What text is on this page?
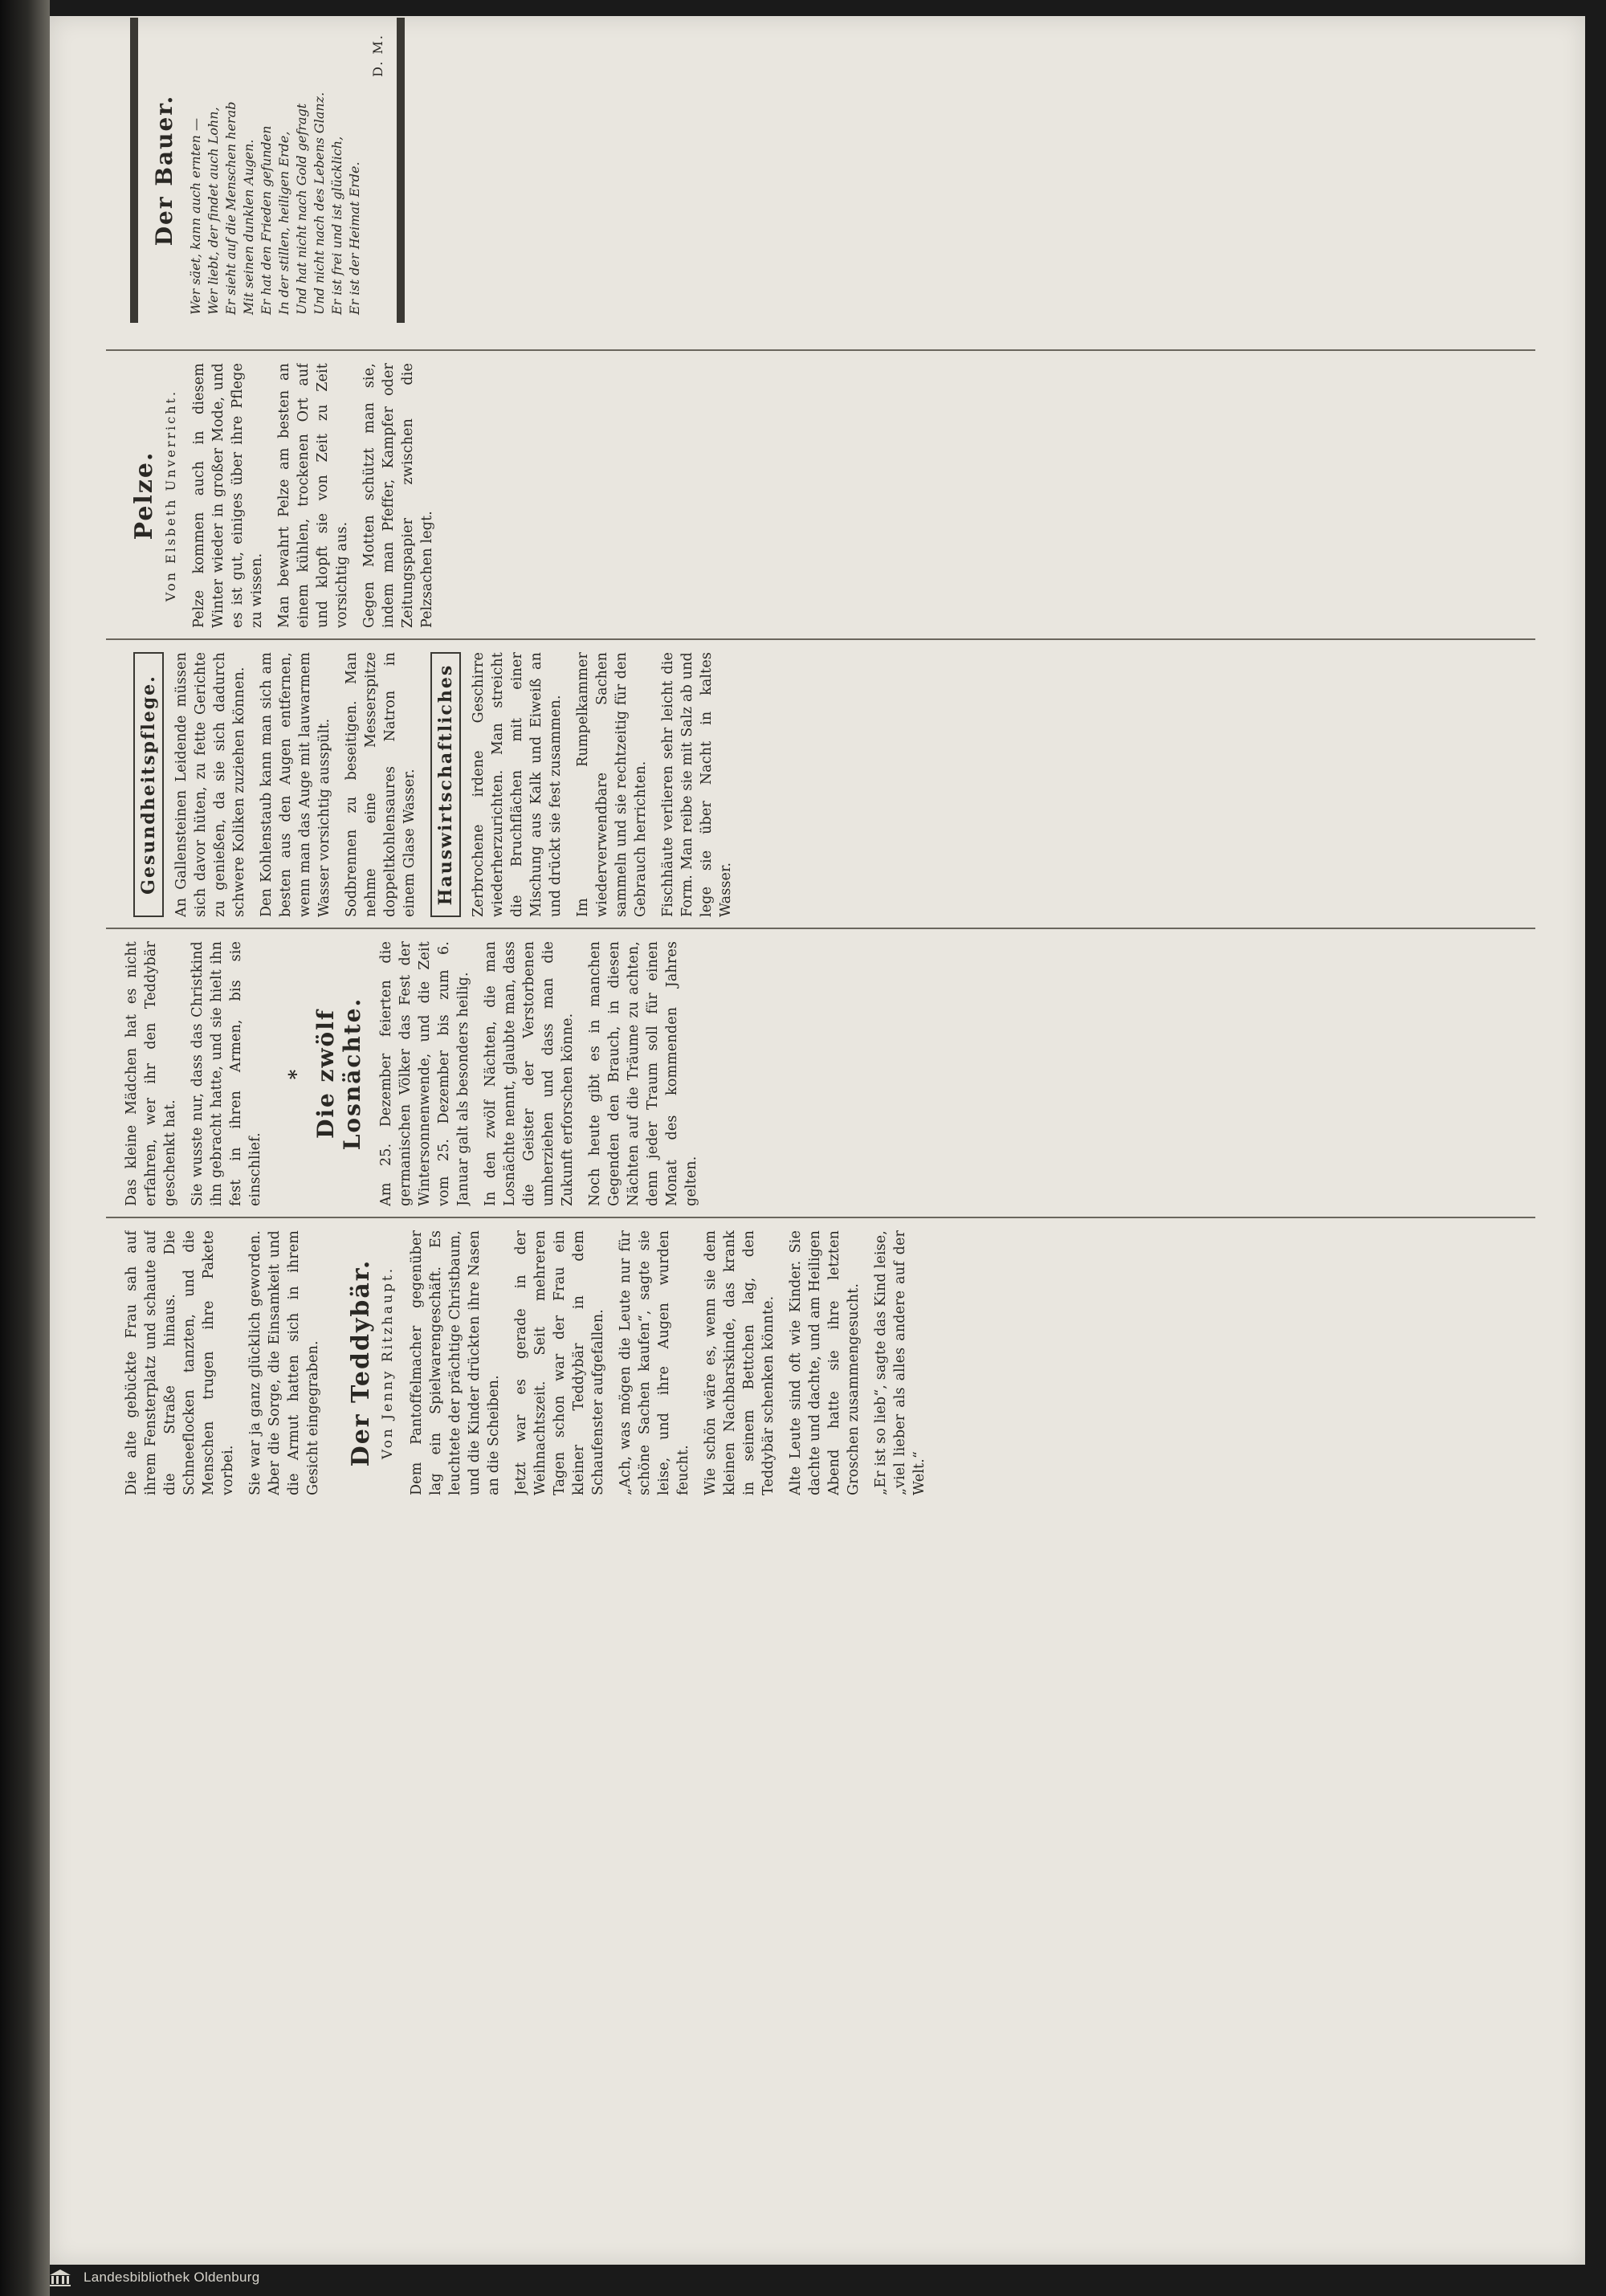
Die alte gebückte Frau sah auf ihrem Fensterplatz und schaute auf die Straße hinaus. Die Schneeflocken tanzten, und die Menschen trugen ihre Pakete vorbei. Sie war ja ganz glücklich geworden. Aber die Sorge, die Einsamkeit und die Armut hatten sich in ihrem Gesicht eingegraben. Der Teddybär. Von Jenny Ritzhaupt. Dem Pantoffelmacher gegenüber lag ein Spielwarengeschäft. Es leuchtete der prächtige Christbaum, und die Kinder drückten ihre Nasen an die Scheiben. Jetzt war es gerade in der Weihnachtszeit. Seit mehreren Tagen schon war der Frau ein kleiner Teddybär in dem Schaufenster aufgefallen. „Ach, was mögen die Leute nur für schöne Sachen kaufen“, sagte sie leise, und ihre Augen wurden feucht. Wie schön wäre es, wenn sie dem kleinen Nachbarskinde, das krank in seinem Bettchen lag, den Teddybär schenken könnte. Alte Leute sind oft wie Kinder. Sie dachte und dachte, und am Heiligen Abend hatte sie ihre letzten Groschen zusammengesucht. „Er ist so lieb“, sagte das Kind leise, „viel lieber als alles andere auf der Welt.“

Das kleine Mädchen hat es nicht erfahren, wer ihr den Teddybär geschenkt hat. Sie wusste nur, dass das Christkind ihn gebracht hatte, und sie hielt ihn fest in ihren Armen, bis sie einschlief.

* Die zwölf Losnächte. Am 25. Dezember feierten die germanischen Völker das Fest der Wintersonnenwende, und die Zeit vom 25. Dezember bis zum 6. Januar galt als besonders heilig. In den zwölf Nächten, die man Losnächte nennt, glaubte man, dass die Geister der Verstorbenen umherziehen und dass man die Zukunft erforschen könne. Noch heute gibt es in manchen Gegenden den Brauch, in diesen Nächten auf die Träume zu achten, denn jeder Traum soll für einen Monat des kommenden Jahres gelten.

Gesundheitspflege.	An Gallensteinen Leidende müssen sich davor hüten, zu fette Gerichte zu genießen, da sie sich dadurch schwere Koliken zuziehen können. Den Kohlenstaub kann man sich am besten aus den Augen entfernen, wenn man das Auge mit lauwarmem Wasser vorsichtig ausspült. Sodbrennen zu beseitigen. Man nehme eine Messerspitze doppeltkohlensaures Natron in einem Glase Wasser. Hauswirtschaftliches	Zerbrochene irdene Geschirre wiederherzurichten. Man streicht die Bruchflächen mit einer Mischung aus Kalk und Eiweiß an und drückt sie fest zusammen. Im Rumpelkammer wiederverwendbare Sachen sammeln und sie rechtzeitig für den Gebrauch herrichten. Fischhäute verlieren sehr leicht die Form. Man reibe sie mit Salz ab und lege sie über Nacht in kaltes Wasser.

Pelze. Von Elsbeth Unverricht. Pelze kommen auch in diesem Winter wieder in großer Mode, und es ist gut, einiges über ihre Pflege zu wissen. Man bewahrt Pelze am besten an einem kühlen, trockenen Ort auf und klopft sie von Zeit zu Zeit vorsichtig aus. Gegen Motten schützt man sie, indem man Pfeffer, Kampfer oder Zeitungspapier zwischen die Pelzsachen legt.

Der Bauer. Wer säet, kann auch ernten — Wer liebt, der findet auch Lohn, Er sieht auf die Menschen herab Mit seinen dunklen Augen. Er hat den Frieden gefunden In der stillen, heiligen Erde, Und hat nicht nach Gold gefragt Und nicht nach des Lebens Glanz. Er ist frei und ist glücklich, Er ist der Heimat Erde.
D. M.

Landesbibliothek Oldenburg
